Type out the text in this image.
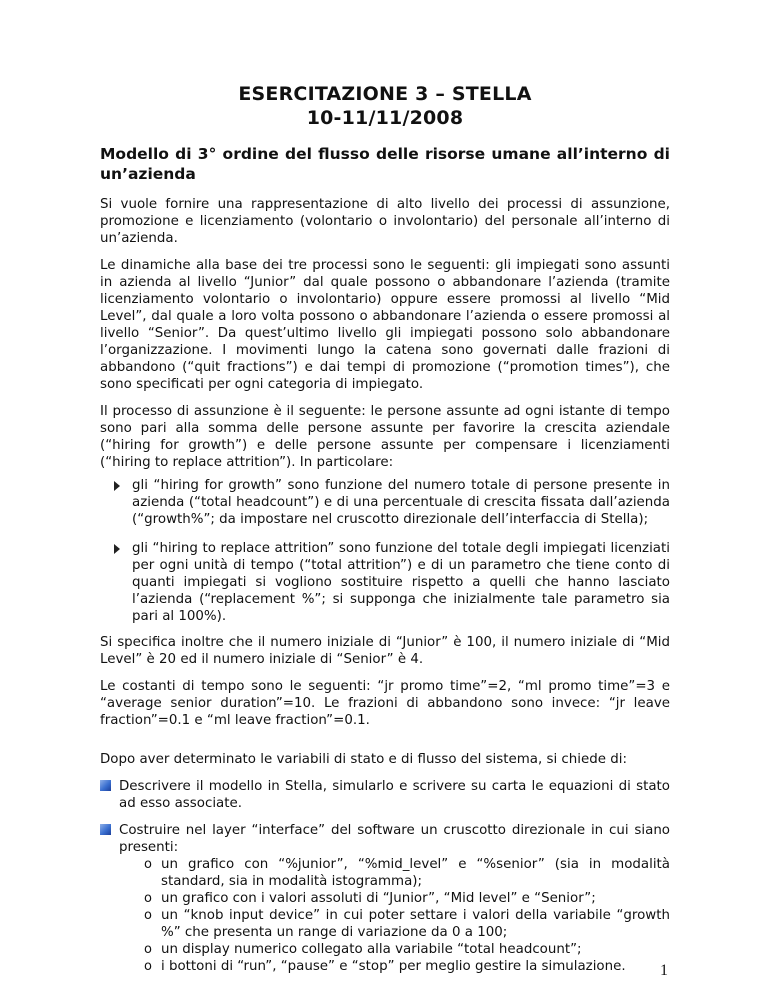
ESERCITAZIONE 3 – STELLA
10-11/11/2008
Modello di 3° ordine del flusso delle risorse umane all’interno di un’azienda

Si vuole fornire una rappresentazione di alto livello dei processi di assunzione, promozione e licenziamento (volontario o involontario) del personale all’interno di un’azienda.

Le dinamiche alla base dei tre processi sono le seguenti: gli impiegati sono assunti in azienda al livello “Junior” dal quale possono o abbandonare l’azienda (tramite licenziamento volontario o involontario) oppure essere promossi al livello “Mid Level”, dal quale a loro volta possono o abbandonare l’azienda o essere promossi al livello “Senior”. Da quest’ultimo livello gli impiegati possono solo abbandonare l’organizzazione. I movimenti lungo la catena sono governati dalle frazioni di abbandono (“quit fractions”) e dai tempi di promozione (“promotion times”), che sono specificati per ogni categoria di impiegato.

Il processo di assunzione è il seguente: le persone assunte ad ogni istante di tempo sono pari alla somma delle persone assunte per favorire la crescita aziendale (“hiring for growth”) e delle persone assunte per compensare i licenziamenti (“hiring to replace attrition”). In particolare:

gli “hiring for growth” sono funzione del numero totale di persone presente in azienda (“total headcount”) e di una percentuale di crescita fissata dall’azienda (“growth%”; da impostare nel cruscotto direzionale dell’interfaccia di Stella);

gli “hiring to replace attrition” sono funzione del totale degli impiegati licenziati per ogni unità di tempo (“total attrition”) e di un parametro che tiene conto di quanti impiegati si vogliono sostituire rispetto a quelli che hanno lasciato l’azienda (“replacement %”; si supponga che inizialmente tale parametro sia pari al 100%).

Si specifica inoltre che il numero iniziale di “Junior” è 100, il numero iniziale di “Mid Level” è 20 ed il numero iniziale di “Senior” è 4.

Le costanti di tempo sono le seguenti: “jr promo time”=2, “ml promo time”=3 e “average senior duration”=10. Le frazioni di abbandono sono invece: “jr leave fraction”=0.1 e “ml leave fraction”=0.1.

Dopo aver determinato le variabili di stato e di flusso del sistema, si chiede di:

Descrivere il modello in Stella, simularlo e scrivere su carta le equazioni di stato ad esso associate.

Costruire nel layer “interface” del software un cruscotto direzionale in cui siano presenti:

o un grafico con “%junior”, “%mid_level” e “%senior” (sia in modalità standard, sia in modalità istogramma);
o un grafico con i valori assoluti di “Junior”, “Mid level” e “Senior”;
o un “knob input device” in cui poter settare i valori della variabile “growth %” che presenta un range di variazione da 0 a 100;
o un display numerico collegato alla variabile “total headcount”;
o i bottoni di “run”, “pause” e “stop” per meglio gestire la simulazione.	1
